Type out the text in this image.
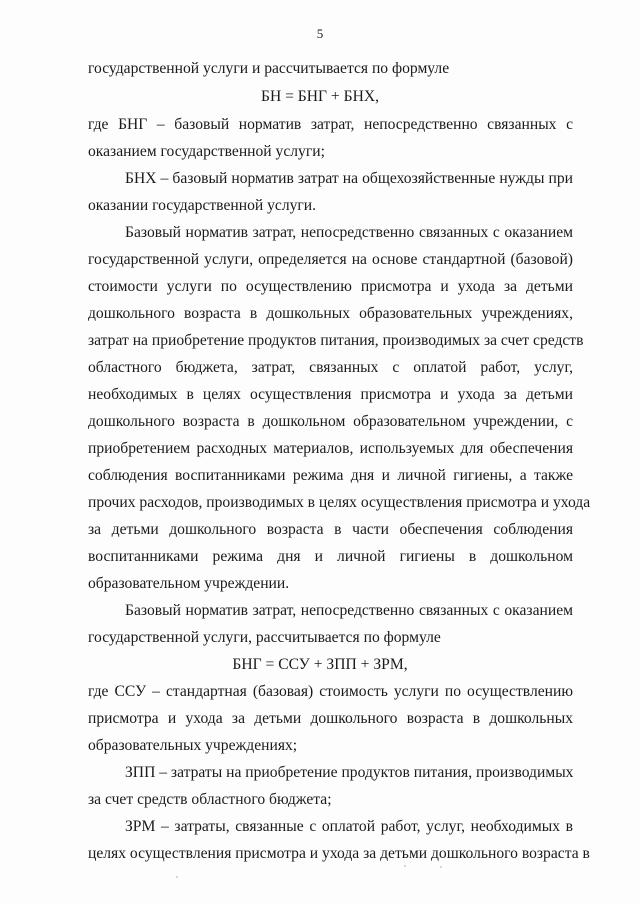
5
государственной услуги и рассчитывается по формуле
БН = БНГ + БНХ,
где БНГ – базовый норматив затрат, непосредственно связанных с
оказанием государственной услуги;
БНХ – базовый норматив затрат на общехозяйственные нужды при
оказании государственной услуги.
Базовый норматив затрат, непосредственно связанных с оказанием
государственной услуги, определяется на основе стандартной (базовой)
стоимости услуги по осуществлению присмотра и ухода за детьми
дошкольного возраста в дошкольных образовательных учреждениях,
затрат на приобретение продуктов питания, производимых за счет средств
областного бюджета, затрат, связанных с оплатой работ, услуг,
необходимых в целях осуществления присмотра и ухода за детьми
дошкольного возраста в дошкольном образовательном учреждении, с
приобретением расходных материалов, используемых для обеспечения
соблюдения воспитанниками режима дня и личной гигиены, а также
прочих расходов, производимых в целях осуществления присмотра и ухода
за детьми дошкольного возраста в части обеспечения соблюдения
воспитанниками режима дня и личной гигиены в дошкольном
образовательном учреждении.
Базовый норматив затрат, непосредственно связанных с оказанием
государственной услуги, рассчитывается по формуле
БНГ = ССУ + ЗПП + ЗРМ,
где ССУ – стандартная (базовая) стоимость услуги по осуществлению
присмотра и ухода за детьми дошкольного возраста в дошкольных
образовательных учреждениях;
ЗПП – затраты на приобретение продуктов питания, производимых
за счет средств областного бюджета;
ЗРМ – затраты, связанные с оплатой работ, услуг, необходимых в
целях осуществления присмотра и ухода за детьми дошкольного возраста в
